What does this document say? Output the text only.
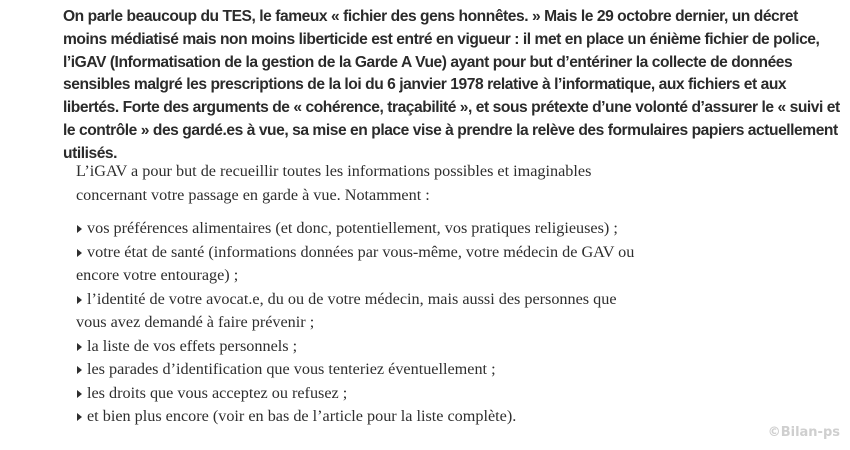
On parle beaucoup du TES, le fameux « fichier des gens honnêtes. » Mais le 29 octobre dernier, un décret moins médiatisé mais non moins liberticide est entré en vigueur : il met en place un énième fichier de police, l’iGAV (Informatisation de la gestion de la Garde A Vue) ayant pour but d’entériner la collecte de données sensibles malgré les prescriptions de la loi du 6 janvier 1978 relative à l’informatique, aux fichiers et aux libertés. Forte des arguments de « cohérence, traçabilité », et sous prétexte d’une volonté d’assurer le « suivi et le contrôle » des gardé.es à vue, sa mise en place vise à prendre la relève des formulaires papiers actuellement utilisés.

L’iGAV a pour but de recueillir toutes les informations possibles et imaginables concernant votre passage en garde à vue. Notamment :

vos préférences alimentaires (et donc, potentiellement, vos pratiques religieuses) ;
votre état de santé (informations données par vous-même, votre médecin de GAV ou encore votre entourage) ;
l’identité de votre avocat.e, du ou de votre médecin, mais aussi des personnes que vous avez demandé à faire prévenir ;
la liste de vos effets personnels ;
les parades d’identification que vous tenteriez éventuellement ;
les droits que vous acceptez ou refusez ;
et bien plus encore (voir en bas de l’article pour la liste complète).
©Bilan-ps
